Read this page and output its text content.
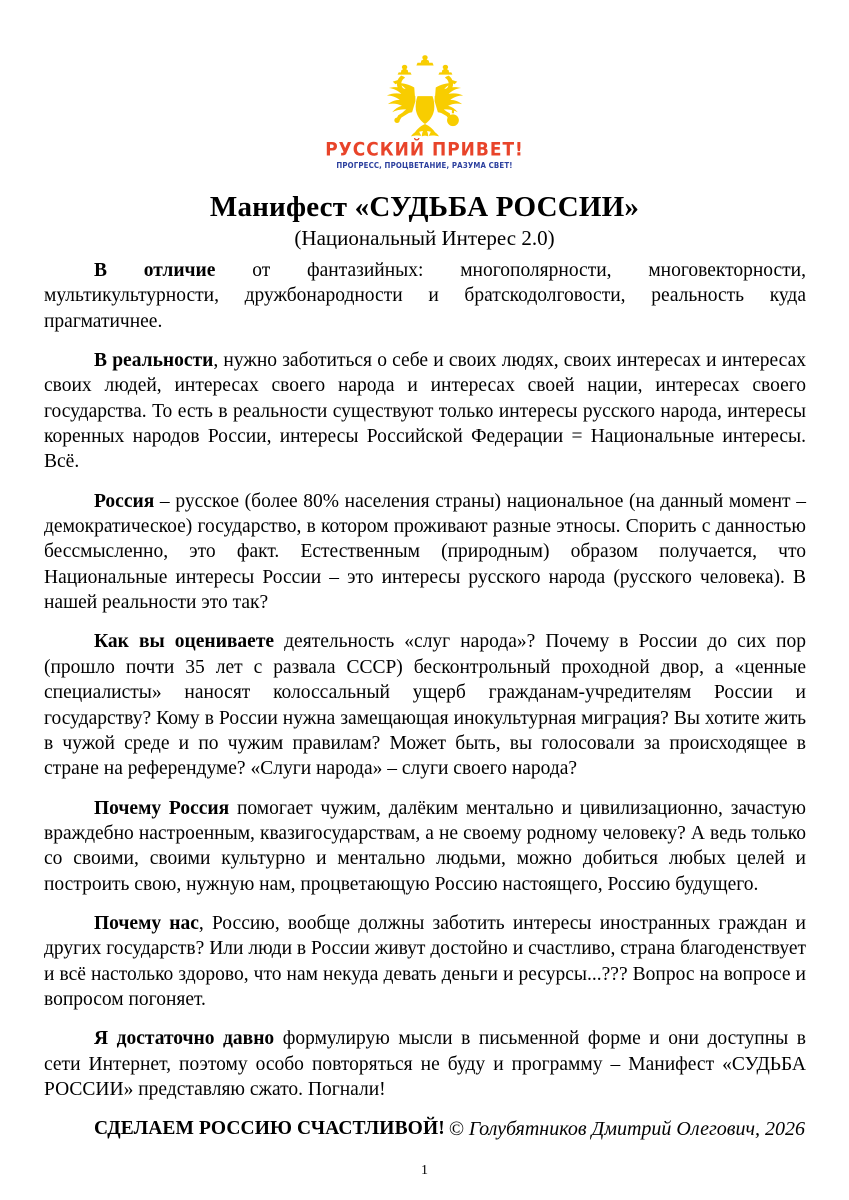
РУССКИЙ ПРИВЕТ!
ПРОГРЕСС, ПРОЦВЕТАНИЕ, РАЗУМА СВЕТ!
Манифест «СУДЬБА РОССИИ»
(Национальный Интерес 2.0)

В отличие от фантазийных: многополярности, многовекторности, мультикультурности, дружбонародности и братскодолговости, реальность куда прагматичнее.

В реальности, нужно заботиться о себе и своих людях, своих интересах и интересах своих людей, интересах своего народа и интересах своей нации, интересах своего государства. То есть в реальности существуют только интересы русского народа, интересы коренных народов России, интересы Российской Федерации = Национальные интересы. Всё.

Россия – русское (более 80% населения страны) национальное (на данный момент – демократическое) государство, в котором проживают разные этносы. Спорить с данностью бессмысленно, это факт. Естественным (природным) образом получается, что Национальные интересы России – это интересы русского народа (русского человека). В нашей реальности это так?

Как вы оцениваете деятельность «слуг народа»? Почему в России до сих пор (прошло почти 35 лет с развала СССР) бесконтрольный проходной двор, а «ценные специалисты» наносят колоссальный ущерб гражданам-учредителям России и государству? Кому в России нужна замещающая инокультурная миграция? Вы хотите жить в чужой среде и по чужим правилам? Может быть, вы голосовали за происходящее в стране на референдуме? «Слуги народа» – слуги своего народа?

Почему Россия помогает чужим, далёким ментально и цивилизационно, зачастую враждебно настроенным, квазигосударствам, а не своему родному человеку? А ведь только со своими, своими культурно и ментально людьми, можно добиться любых целей и построить свою, нужную нам, процветающую Россию настоящего, Россию будущего.

Почему нас, Россию, вообще должны заботить интересы иностранных граждан и других государств? Или люди в России живут достойно и счастливо, страна благоденствует и всё настолько здорово, что нам некуда девать деньги и ресурсы...??? Вопрос на вопросе и вопросом погоняет.

Я достаточно давно формулирую мысли в письменной форме и они доступны в сети Интернет, поэтому особо повторяться не буду и программу – Манифест «СУДЬБА РОССИИ» представляю сжато. Погнали!

СДЕЛАЕМ РОССИЮ СЧАСТЛИВОЙ! © Голубятников Дмитрий Олегович, 2026
1
